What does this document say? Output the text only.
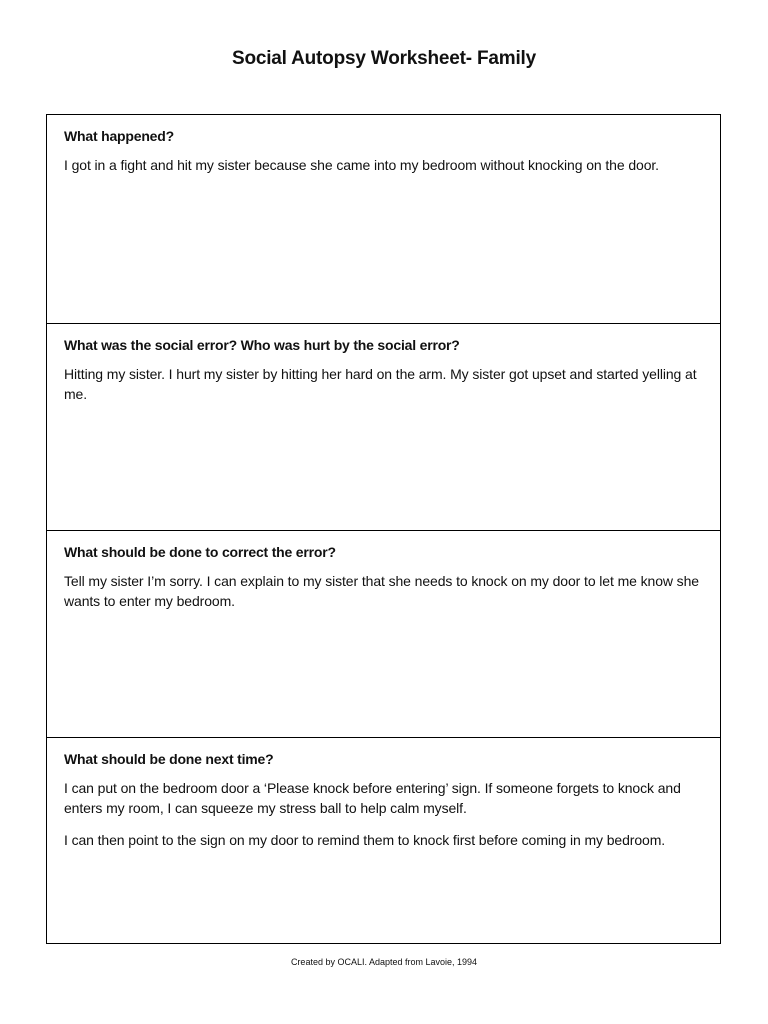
Social Autopsy Worksheet- Family
What happened?
I got in a fight and hit my sister because she came into my bedroom without knocking on the door.
What was the social error? Who was hurt by the social error?
Hitting my sister. I hurt my sister by hitting her hard on the arm. My sister got upset and started yelling at me.
What should be done to correct the error?
Tell my sister I’m sorry. I can explain to my sister that she needs to knock on my door to let me know she wants to enter my bedroom.
What should be done next time?
I can put on the bedroom door a ‘Please knock before entering’ sign. If someone forgets to knock and enters my room, I can squeeze my stress ball to help calm myself.
I can then point to the sign on my door to remind them to knock first before coming in my bedroom.
Created by OCALI. Adapted from Lavoie, 1994
